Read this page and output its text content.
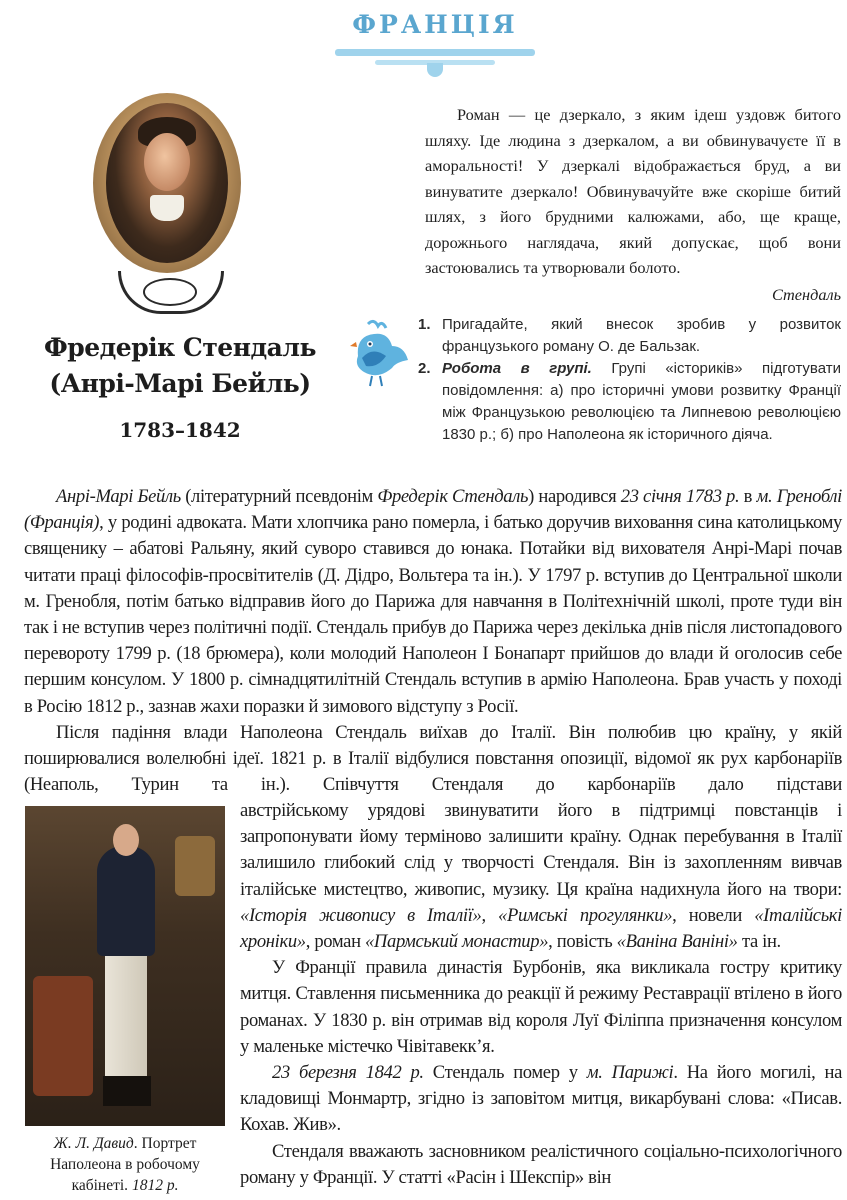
ФРАНЦІЯ

Роман — це дзеркало, з яким ідеш уздовж битого шляху. Іде людина з дзеркалом, а ви обвинувачуєте її в аморальності! У дзеркалі відображається бруд, а ви винуватите дзеркало! Обвинувачуйте вже скоріше битий шлях, з його брудними калюжами, або, ще краще, дорожнього наглядача, який допускає, щоб вони застоювались та утворювали болото.

Стендаль
Фредерік Стендаль
(Анрі-Марі Бейль)
1783–1842
1. Пригадайте, який внесок зробив у розвиток французького роману О. де Бальзак.
2. Робота в групі. Групі «істориків» підготувати повідомлення: а) про історичні умови розвитку Франції між Французькою революцією та Липневою революцією 1830 р.; б) про Наполеона як історичного діяча.

Анрі-Марі Бейль (літературний псевдонім Фредерік Стендаль) народився 23 січня 1783 р. в м. Греноблі (Франція), у родині адвоката. Мати хлопчика рано померла, і батько доручив виховання сина католицькому священику – абатові Ральяну, який суворо ставився до юнака. Потайки від вихователя Анрі-Марі почав читати праці філософів-просвітителів (Д. Дідро, Вольтера та ін.). У 1797 р. вступив до Центральної школи м. Гренобля, потім батько відправив його до Парижа для навчання в Політехнічній школі, проте туди він так і не вступив через політичні події. Стендаль прибув до Парижа через декілька днів після листопадового перевороту 1799 р. (18 брюмера), коли молодий Наполеон І Бонапарт прийшов до влади й оголосив себе першим консулом. У 1800 р. сімнадцятилітній Стендаль вступив в армію Наполеона. Брав участь у поході в Росію 1812 р., зазнав жахи поразки й зимового відступу з Росії.

Після падіння влади Наполеона Стендаль виїхав до Італії. Він полюбив цю країну, у якій поширювалися волелюбні ідеї. 1821 р. в Італії відбулися повстання опозиції, відомої як рух карбонаріїв (Неаполь, Турин та ін.). Співчуття Стендаля до карбонаріїв дало підстави

Ж. Л. Давид. Портрет Наполеона в робочому кабінеті. 1812 р.

австрійському урядові звинуватити його в підтримці повстанців і запропонувати йому терміново залишити країну. Однак перебування в Італії залишило глибокий слід у творчості Стендаля. Він із захопленням вивчав італійське мистецтво, живопис, музику. Ця країна надихнула його на твори: «Історія живопису в Італії», «Римські прогулянки», новели «Італійські хроніки», роман «Пармський монастир», повість «Ваніна Ваніні» та ін.

У Франції правила династія Бурбонів, яка викликала гостру критику митця. Ставлення письменника до реакції й режиму Реставрації втілено в його романах. У 1830 р. він отримав від короля Луї Філіппа призначення консулом у маленьке містечко Чівітавеккʼя.

23 березня 1842 р. Стендаль помер у м. Парижі. На його могилі, на кладовищі Монмартр, згідно із заповітом митця, викарбувані слова: «Писав. Кохав. Жив».

Стендаля вважають засновником реалістичного соціально-психологічного роману у Франції. У статті «Расін і Шекспір» він
